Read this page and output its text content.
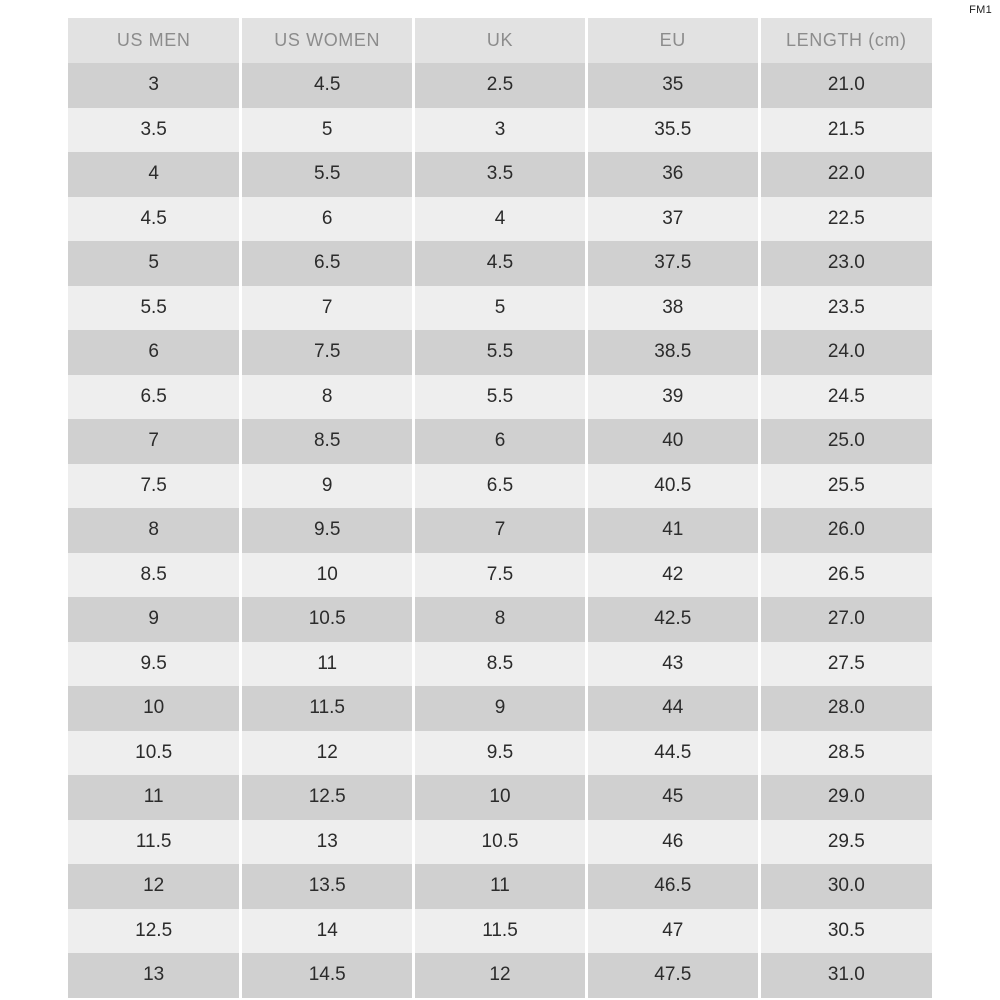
FM1
US MEN	US WOMEN	UK	EU	LENGTH (cm)
3	4.5	2.5	35	21.0
3.5	5	3	35.5	21.5
4	5.5	3.5	36	22.0
4.5	6	4	37	22.5
5	6.5	4.5	37.5	23.0
5.5	7	5	38	23.5
6	7.5	5.5	38.5	24.0
6.5	8	5.5	39	24.5
7	8.5	6	40	25.0
7.5	9	6.5	40.5	25.5
8	9.5	7	41	26.0
8.5	10	7.5	42	26.5
9	10.5	8	42.5	27.0
9.5	11	8.5	43	27.5
10	11.5	9	44	28.0
10.5	12	9.5	44.5	28.5
11	12.5	10	45	29.0
11.5	13	10.5	46	29.5
12	13.5	11	46.5	30.0
12.5	14	11.5	47	30.5
13	14.5	12	47.5	31.0
